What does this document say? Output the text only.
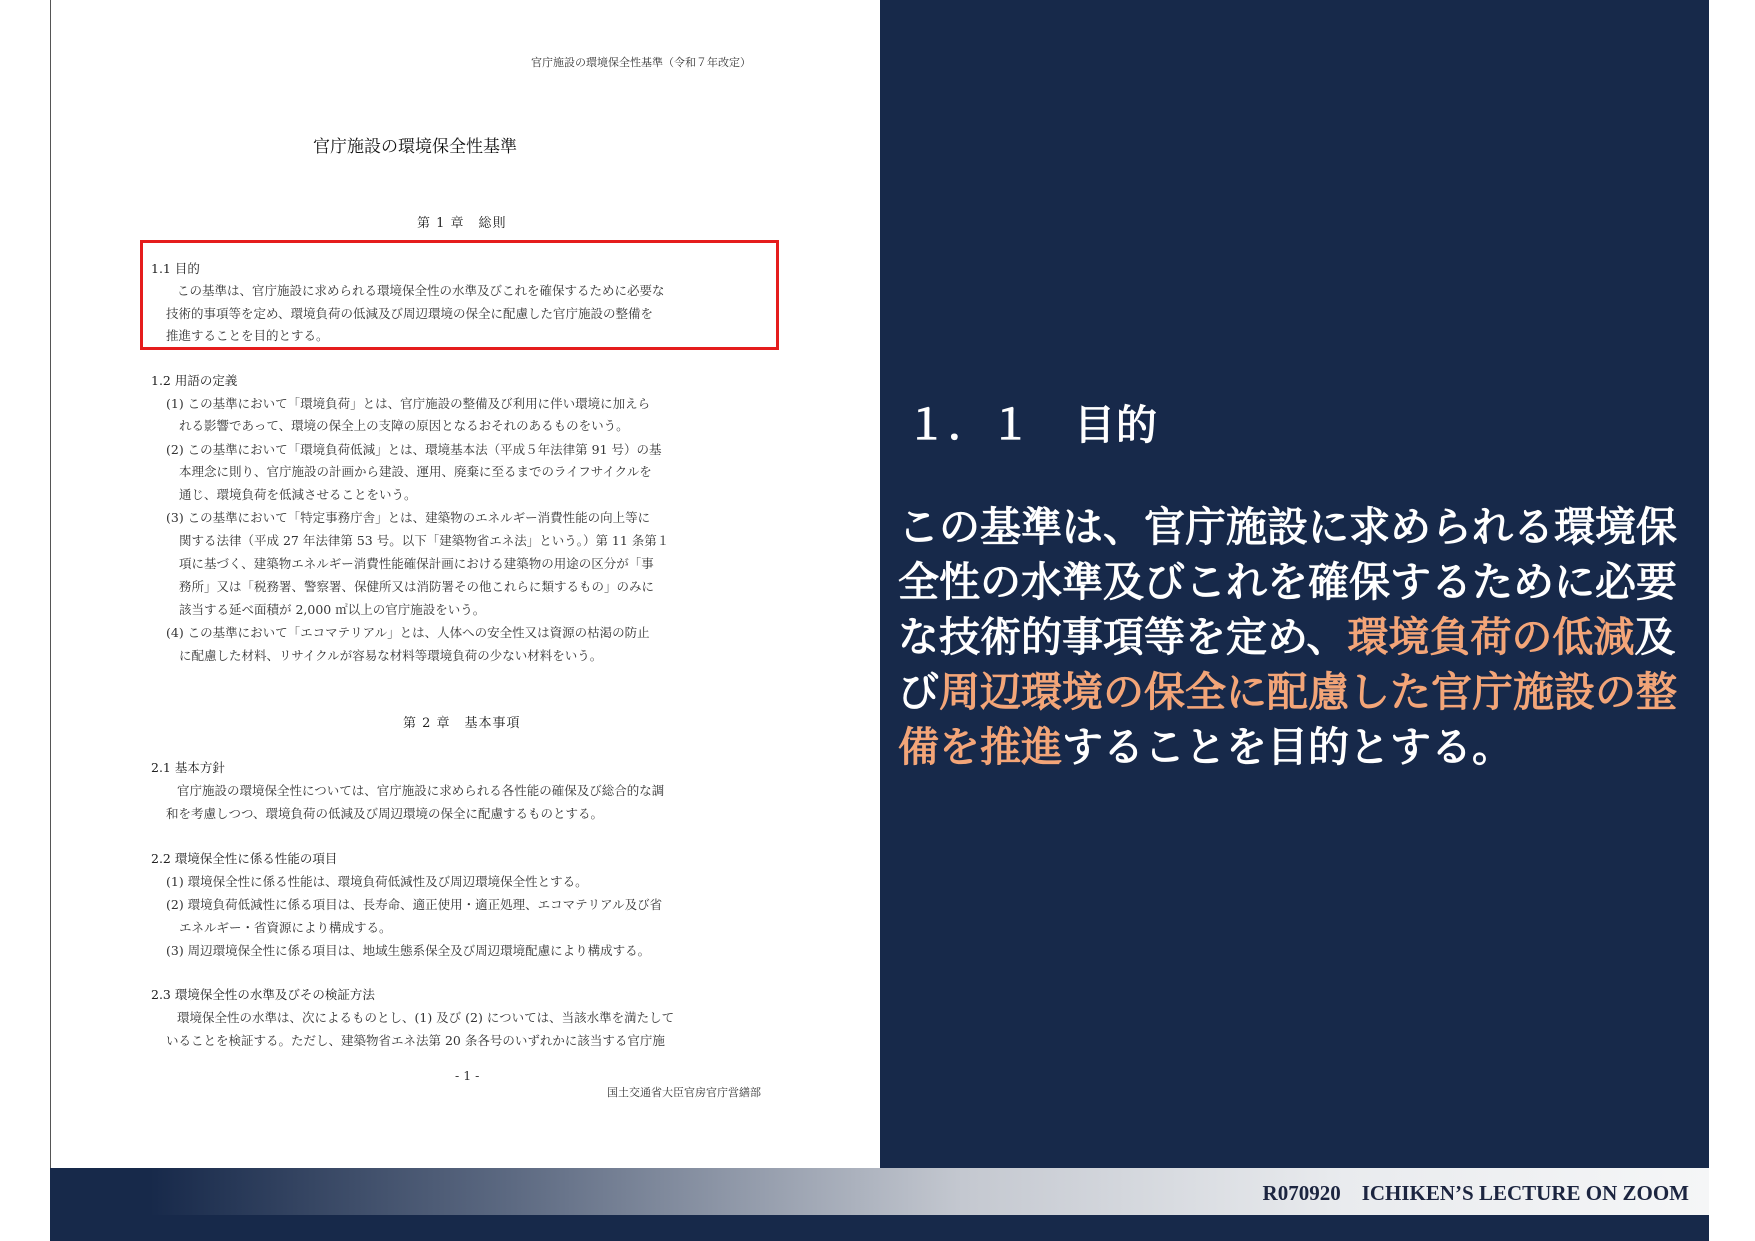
官庁施設の環境保全性基準（令和７年改定）
官庁施設の環境保全性基準
第 1 章　総則
1.1 目的
この基準は、官庁施設に求められる環境保全性の水準及びこれを確保するために必要な
技術的事項等を定め、環境負荷の低減及び周辺環境の保全に配慮した官庁施設の整備を
推進することを目的とする。
1.2 用語の定義
(1) この基準において「環境負荷」とは、官庁施設の整備及び利用に伴い環境に加えら
れる影響であって、環境の保全上の支障の原因となるおそれのあるものをいう。
(2) この基準において「環境負荷低減」とは、環境基本法（平成５年法律第 91 号）の基
本理念に則り、官庁施設の計画から建設、運用、廃棄に至るまでのライフサイクルを
通じ、環境負荷を低減させることをいう。
(3) この基準において「特定事務庁舎」とは、建築物のエネルギー消費性能の向上等に
関する法律（平成 27 年法律第 53 号。以下「建築物省エネ法」という。）第 11 条第１
項に基づく、建築物エネルギー消費性能確保計画における建築物の用途の区分が「事
務所」又は「税務署、警察署、保健所又は消防署その他これらに類するもの」のみに
該当する延べ面積が 2,000 ㎡以上の官庁施設をいう。
(4) この基準において「エコマテリアル」とは、人体への安全性又は資源の枯渇の防止
に配慮した材料、リサイクルが容易な材料等環境負荷の少ない材料をいう。
第 2 章　基本事項
2.1 基本方針
官庁施設の環境保全性については、官庁施設に求められる各性能の確保及び総合的な調
和を考慮しつつ、環境負荷の低減及び周辺環境の保全に配慮するものとする。
2.2 環境保全性に係る性能の項目
(1) 環境保全性に係る性能は、環境負荷低減性及び周辺環境保全性とする。
(2) 環境負荷低減性に係る項目は、長寿命、適正使用・適正処理、エコマテリアル及び省
エネルギー・省資源により構成する。
(3) 周辺環境保全性に係る項目は、地域生態系保全及び周辺環境配慮により構成する。
2.3 環境保全性の水準及びその検証方法
環境保全性の水準は、次によるものとし、(1) 及び (2) については、当該水準を満たして
いることを検証する。ただし、建築物省エネ法第 20 条各号のいずれかに該当する官庁施
- 1 -
国土交通省大臣官房官庁営繕部
１．１　目的
この基準は、官庁施設に求められる環境保全性の水準及びこれを確保するために必要な技術的事項等を定め、環境負荷の低減及び周辺環境の保全に配慮した官庁施設の整備を推進することを目的とする。
R070920　ICHIKEN’S LECTURE ON ZOOM
